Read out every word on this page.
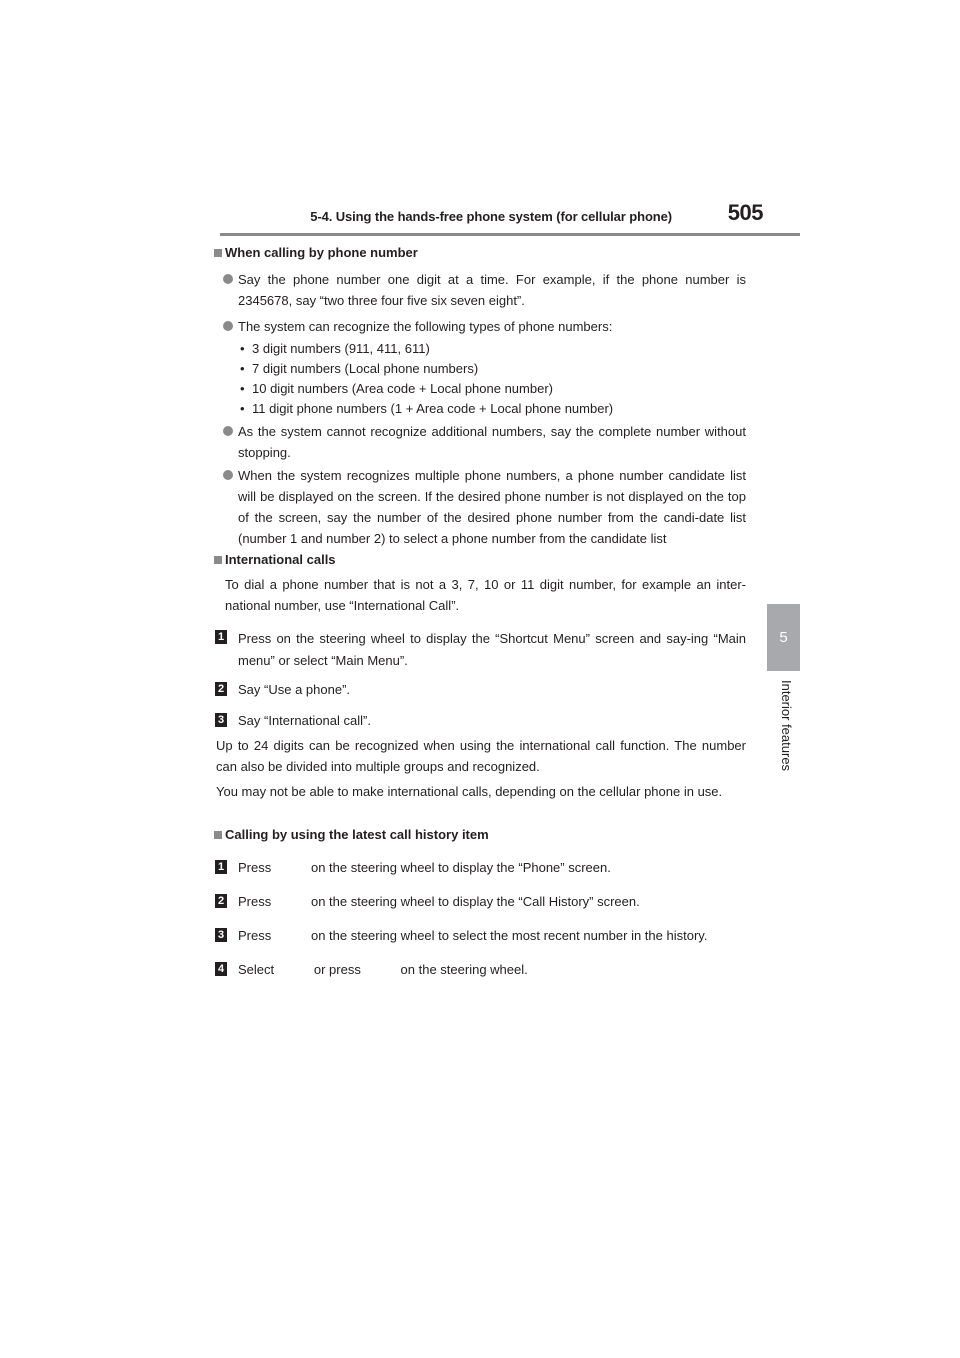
5-4. Using the hands-free phone system (for cellular phone)	505
5
Interior features
When calling by phone number
Say the phone number one digit at a time. For example, if the phone number is 2345678, say “two three four five six seven eight”.
The system can recognize the following types of phone numbers:
• 3 digit numbers (911, 411, 611)
• 7 digit numbers (Local phone numbers)
• 10 digit numbers (Area code + Local phone number)
• 11 digit phone numbers (1 + Area code + Local phone number)
As the system cannot recognize additional numbers, say the complete number without stopping.
When the system recognizes multiple phone numbers, a phone number candidate list will be displayed on the screen. If the desired phone number is not displayed on the top of the screen, say the number of the desired phone number from the candi-date list (number 1 and number 2) to select a phone number from the candidate list
International calls
To dial a phone number that is not a 3, 7, 10 or 11 digit number, for example an inter-national number, use “International Call”.
1 Press on the steering wheel to display the “Shortcut Menu” screen and say-ing “Main menu” or select “Main Menu”.
2 Say “Use a phone”.
3 Say “International call”.
Up to 24 digits can be recognized when using the international call function. The number can also be divided into multiple groups and recognized.
You may not be able to make international calls, depending on the cellular phone in use.
Calling by using the latest call history item
1 Press           on the steering wheel to display the “Phone” screen.
2 Press           on the steering wheel to display the “Call History” screen.
3 Press           on the steering wheel to select the most recent number in the history.
4 Select           or press           on the steering wheel.
